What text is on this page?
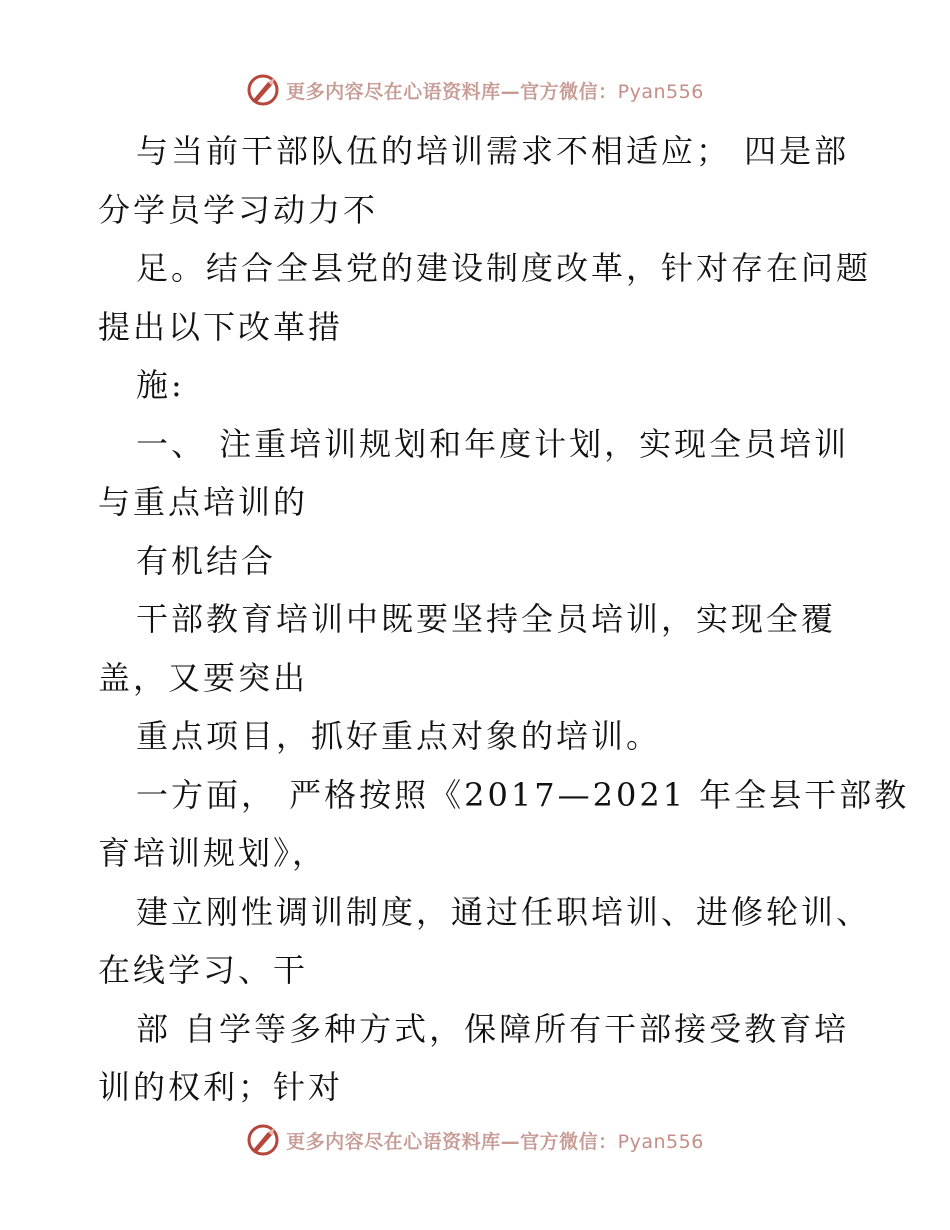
更多内容尽在心语资料库—官方微信：Pyan556
与当前干部队伍的培训需求不相适应； 四是部
分学员学习动力不
足。结合全县党的建设制度改革，针对存在问题
提出以下改革措
施:
一、 注重培训规划和年度计划，实现全员培训
与重点培训的
有机结合
干部教育培训中既要坚持全员培训，实现全覆
盖，又要突出
重点项目，抓好重点对象的培训。
一方面， 严格按照《2017—2021 年全县干部教
育培训规划》，
建立刚性调训制度，通过任职培训、进修轮训、
在线学习、干
部 自学等多种方式，保障所有干部接受教育培
训的权利；针对
更多内容尽在心语资料库—官方微信：Pyan556
